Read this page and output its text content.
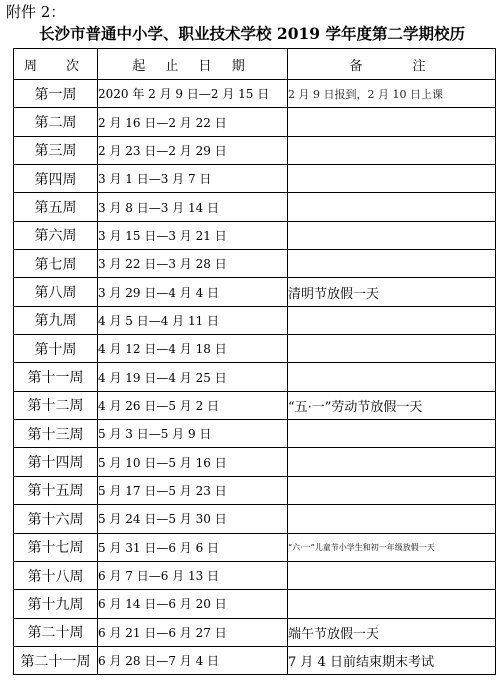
附件 2：
长沙市普通中小学、职业技术学校 2019 学年度第二学期校历
周　次	起 止 日 期	备　　注
第一周	2020 年 2 月 9 日—2 月 15 日	2 月 9 日报到，2 月 10 日上课
第二周	2 月 16 日—2 月 22 日	
第三周	2 月 23 日—2 月 29 日	
第四周	3 月 1 日—3 月 7 日	
第五周	3 月 8 日—3 月 14 日	
第六周	3 月 15 日—3 月 21 日	
第七周	3 月 22 日—3 月 28 日	
第八周	3 月 29 日—4 月 4 日	清明节放假一天
第九周	4 月 5 日—4 月 11 日	
第十周	4 月 12 日—4 月 18 日	
第十一周	4 月 19 日—4 月 25 日	
第十二周	4 月 26 日—5 月 2 日	“五·一”劳动节放假一天
第十三周	5 月 3 日—5 月 9 日	
第十四周	5 月 10 日—5 月 16 日	
第十五周	5 月 17 日—5 月 23 日	
第十六周	5 月 24 日—5 月 30 日	
第十七周	5 月 31 日—6 月 6 日	“六·一”儿童节小学生和初一年级放假一天
第十八周	6 月 7 日—6 月 13 日	
第十九周	6 月 14 日—6 月 20 日	
第二十周	6 月 21 日—6 月 27 日	端午节放假一天
第二十一周	6 月 28 日—7 月 4 日	7 月 4 日前结束期末考试
